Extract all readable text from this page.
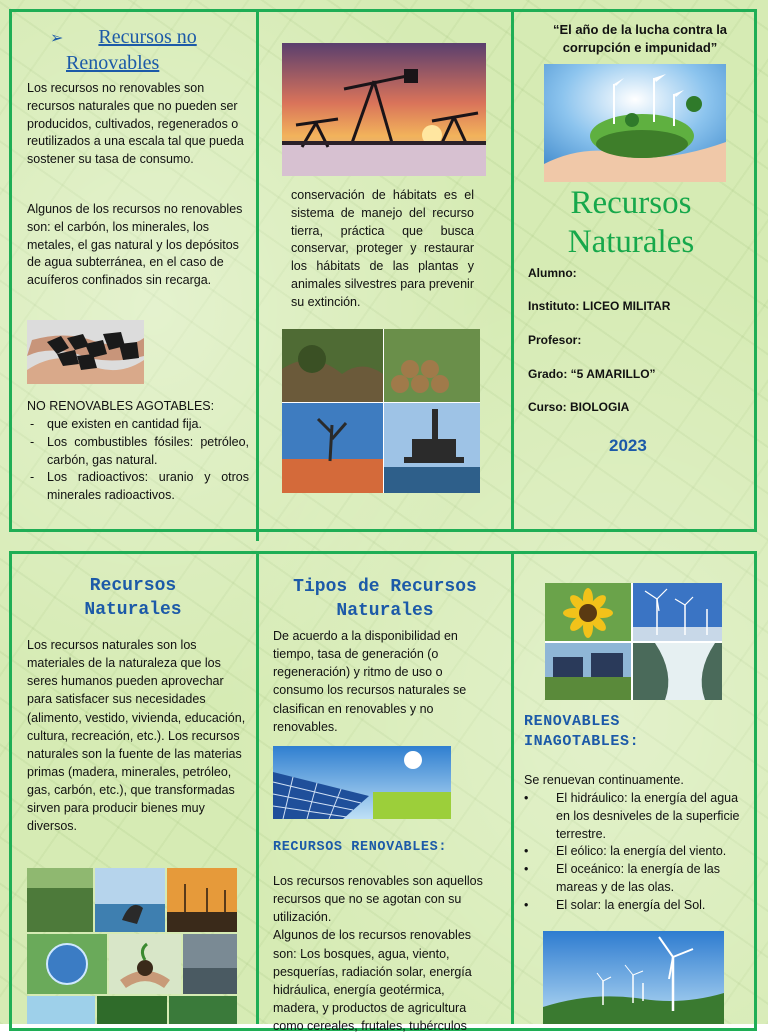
➢ Recursos no
Renovables
Los recursos no renovables son recursos naturales que no pueden ser producidos, cultivados, regenerados o reutilizados a una escala tal que pueda sostener su tasa de consumo.
Algunos de los recursos no renovables son: el carbón, los minerales, los metales, el gas natural y los depósitos de agua subterránea, en el caso de acuíferos confinados sin recarga.
NO RENOVABLES AGOTABLES:
- que existen en cantidad fija.
- Los combustibles fósiles: petróleo, carbón, gas natural.
- Los radioactivos: uranio y otros minerales radioactivos.
conservación de hábitats es el sistema de manejo del recurso tierra, práctica que busca conservar, proteger y restaurar los hábitats de las plantas y animales silvestres para prevenir su extinción.
“El año de la lucha contra la corrupción e impunidad”
Recursos
Naturales
Alumno:
Instituto: LICEO MILITAR
Profesor:
Grado: “5 AMARILLO”
Curso: BIOLOGIA
2023
Recursos
Naturales
Los recursos naturales son los materiales de la naturaleza que los seres humanos pueden aprovechar para satisfacer sus necesidades (alimento, vestido, vivienda, educación, cultura, recreación, etc.). Los recursos naturales son la fuente de las materias primas (madera, minerales, petróleo, gas, carbón, etc.), que transformadas sirven para producir bienes muy diversos.
Tipos de Recursos
Naturales
De acuerdo a la disponibilidad en tiempo, tasa de generación (o regeneración) y ritmo de uso o consumo los recursos naturales se clasifican en renovables y no renovables.
RECURSOS RENOVABLES:
Los recursos renovables son aquellos recursos que no se agotan con su utilización.
Algunos de los recursos renovables son: Los bosques, agua, viento, pesquerías, radiación solar, energía hidráulica, energía geotérmica, madera, y productos de agricultura como cereales, frutales, tubérculos
RENOVABLES
INAGOTABLES:
Se renuevan continuamente.
• El hidráulico: la energía del agua en los desniveles de la superficie terrestre.
• El eólico: la energía del viento.
• El oceánico: la energía de las mareas y de las olas.
• El solar: la energía del Sol.
